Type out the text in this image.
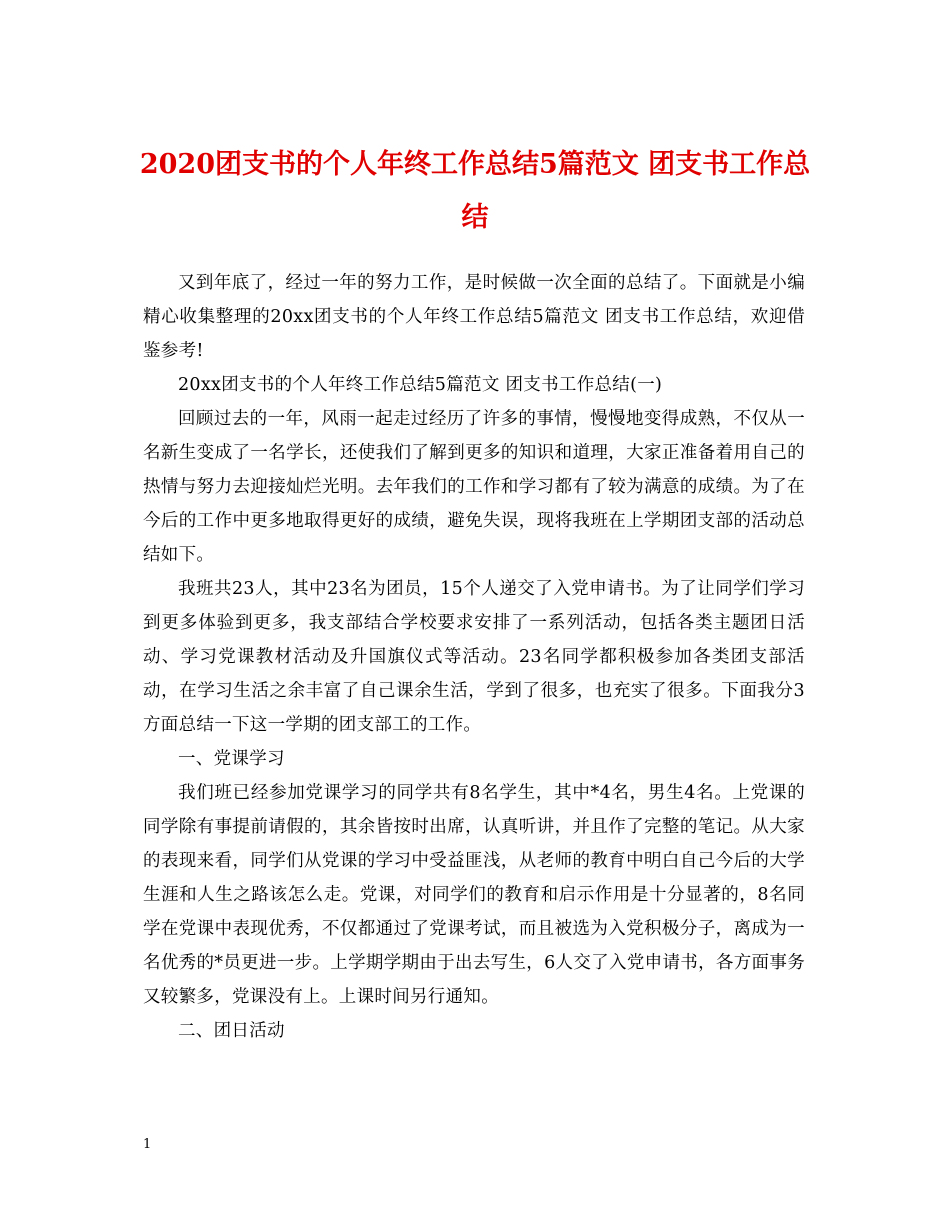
2020团支书的个人年终工作总结5篇范文 团支书工作总结

又到年底了，经过一年的努力工作，是时候做一次全面的总结了。下面就是小编精心收集整理的20xx团支书的个人年终工作总结5篇范文 团支书工作总结，欢迎借鉴参考!

20xx团支书的个人年终工作总结5篇范文 团支书工作总结(一)

回顾过去的一年，风雨一起走过经历了许多的事情，慢慢地变得成熟，不仅从一名新生变成了一名学长，还使我们了解到更多的知识和道理，大家正准备着用自己的热情与努力去迎接灿烂光明。去年我们的工作和学习都有了较为满意的成绩。为了在今后的工作中更多地取得更好的成绩，避免失误，现将我班在上学期团支部的活动总结如下。

我班共23人，其中23名为团员，15个人递交了入党申请书。为了让同学们学习到更多体验到更多，我支部结合学校要求安排了一系列活动，包括各类主题团日活动、学习党课教材活动及升国旗仪式等活动。23名同学都积极参加各类团支部活动，在学习生活之余丰富了自己课余生活，学到了很多，也充实了很多。下面我分3方面总结一下这一学期的团支部工的工作。

一、党课学习

我们班已经参加党课学习的同学共有8名学生，其中*4名，男生4名。上党课的同学除有事提前请假的，其余皆按时出席，认真听讲，并且作了完整的笔记。从大家的表现来看，同学们从党课的学习中受益匪浅，从老师的教育中明白自己今后的大学生涯和人生之路该怎么走。党课，对同学们的教育和启示作用是十分显著的，8名同学在党课中表现优秀，不仅都通过了党课考试，而且被选为入党积极分子，离成为一名优秀的*员更进一步。上学期学期由于出去写生，6人交了入党申请书，各方面事务又较繁多，党课没有上。上课时间另行通知。

二、团日活动

1
